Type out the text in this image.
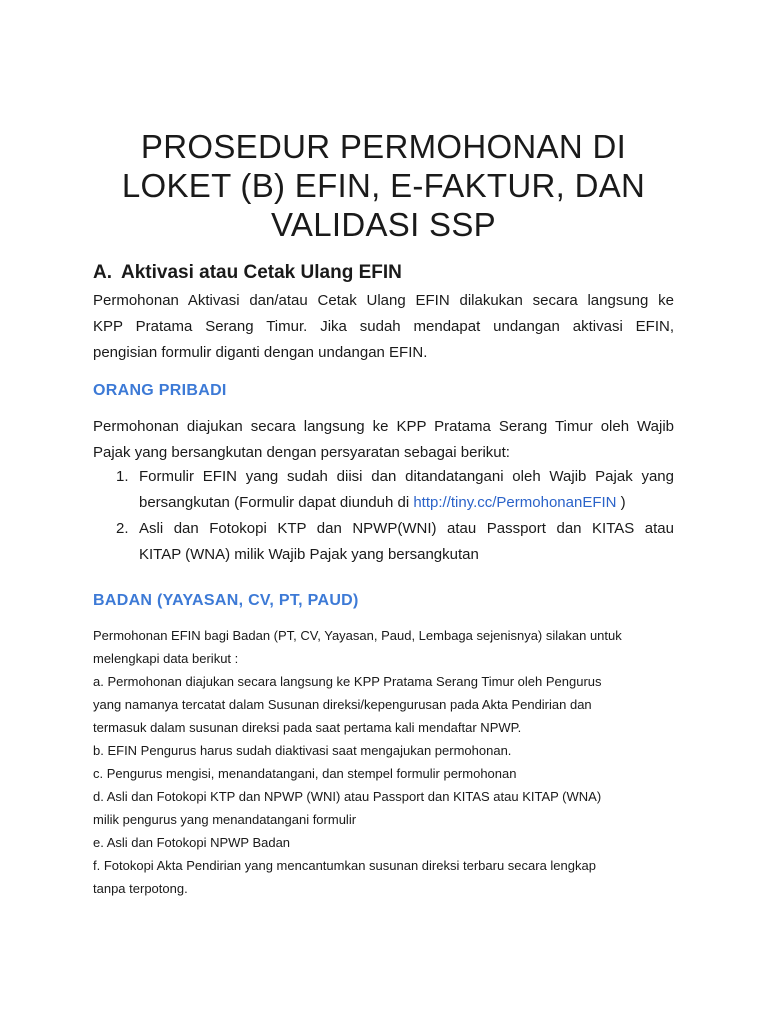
PROSEDUR PERMOHONAN DI
LOKET (B) EFIN, E-FAKTUR, DAN
VALIDASI SSP
A. Aktivasi atau Cetak Ulang EFIN
Permohonan Aktivasi dan/atau Cetak Ulang EFIN dilakukan secara langsung ke
KPP Pratama Serang Timur. Jika sudah mendapat undangan aktivasi EFIN,
pengisian formulir diganti dengan undangan EFIN.
ORANG PRIBADI
Permohonan diajukan secara langsung ke KPP Pratama Serang Timur oleh Wajib
Pajak yang bersangkutan dengan persyaratan sebagai berikut:
1. Formulir EFIN yang sudah diisi dan ditandatangani oleh Wajib Pajak yang
bersangkutan (Formulir dapat diunduh di http://tiny.cc/PermohonanEFIN )
2. Asli dan Fotokopi KTP dan NPWP(WNI) atau Passport dan KITAS atau
KITAP (WNA) milik Wajib Pajak yang bersangkutan
BADAN (YAYASAN, CV, PT, PAUD)
Permohonan EFIN bagi Badan (PT, CV, Yayasan, Paud, Lembaga sejenisnya) silakan untuk
melengkapi data berikut :
a. Permohonan diajukan secara langsung ke KPP Pratama Serang Timur oleh Pengurus
yang namanya tercatat dalam Susunan direksi/kepengurusan pada Akta Pendirian dan
termasuk dalam susunan direksi pada saat pertama kali mendaftar NPWP.
b. EFIN Pengurus harus sudah diaktivasi saat mengajukan permohonan.
c. Pengurus mengisi, menandatangani, dan stempel formulir permohonan
d. Asli dan Fotokopi KTP dan NPWP (WNI) atau Passport dan KITAS atau KITAP (WNA)
milik pengurus yang menandatangani formulir
e. Asli dan Fotokopi NPWP Badan
f. Fotokopi Akta Pendirian yang mencantumkan susunan direksi terbaru secara lengkap
tanpa terpotong.
